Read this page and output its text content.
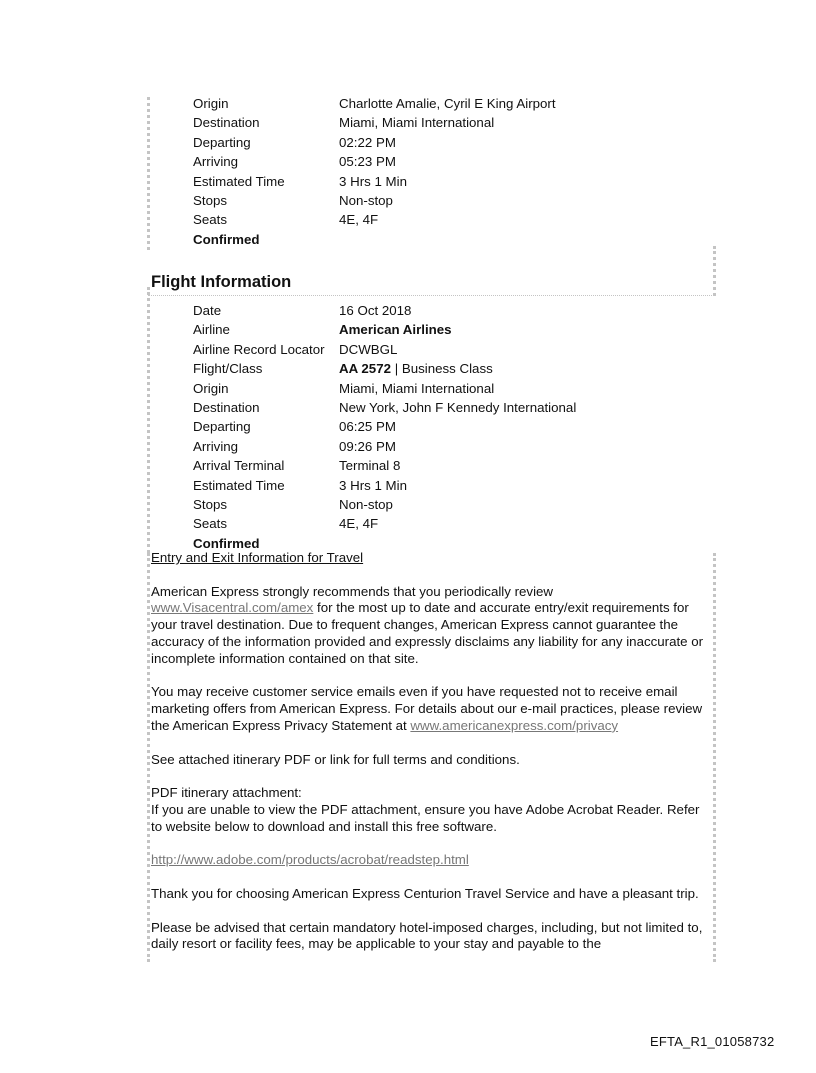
Origin	Charlotte Amalie, Cyril E King Airport
Destination	Miami, Miami International
Departing	02:22 PM
Arriving	05:23 PM
Estimated Time	3 Hrs 1 Min
Stops	Non-stop
Seats	4E, 4F
Confirmed	
Flight Information
Date	16 Oct 2018
Airline	American Airlines
Airline Record Locator	DCWBGL
Flight/Class	AA 2572 | Business Class
Origin	Miami, Miami International
Destination	New York, John F Kennedy International
Departing	06:25 PM
Arriving	09:26 PM
Arrival Terminal	Terminal 8
Estimated Time	3 Hrs 1 Min
Stops	Non-stop
Seats	4E, 4F
Confirmed	

Entry and Exit Information for Travel

American Express strongly recommends that you periodically review www.Visacentral.com/amex for the most up to date and accurate entry/exit requirements for your travel destination. Due to frequent changes, American Express cannot guarantee the accuracy of the information provided and expressly disclaims any liability for any inaccurate or incomplete information contained on that site.

You may receive customer service emails even if you have requested not to receive email marketing offers from American Express. For details about our e-mail practices, please review the American Express Privacy Statement at www.americanexpress.com/privacy

See attached itinerary PDF or link for full terms and conditions.

PDF itinerary attachment:
If you are unable to view the PDF attachment, ensure you have Adobe Acrobat Reader. Refer to website below to download and install this free software.

http://www.adobe.com/products/acrobat/readstep.html

Thank you for choosing American Express Centurion Travel Service and have a pleasant trip.

Please be advised that certain mandatory hotel-imposed charges, including, but not limited to, daily resort or facility fees, may be applicable to your stay and payable to the

EFTA_R1_01058732
